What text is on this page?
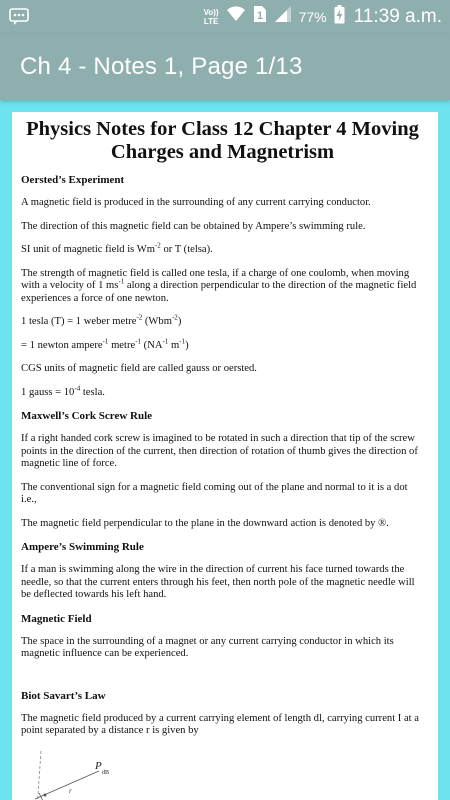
Vo))
LTE	1	77% 11:39 a.m.
Ch 4 - Notes 1, Page 1/13
Physics Notes for Class 12 Chapter 4 Moving
Charges and Magnetrism
Oersted’s Experiment
A magnetic field is produced in the surrounding of any current carrying conductor.
The direction of this magnetic field can be obtained by Ampere’s swimming rule.
SI unit of magnetic field is $Wm^{-2}$ or T (telsa).
The strength of magnetic field is called one tesla, if a charge of one coulomb, when moving with a velocity of 1 $ms^{-1}$ along a direction perpendicular to the direction of the magnetic field experiences a force of one newton.
1 tesla (T) = 1 weber metre$^{-2}$ (Wbm$^{-2}$)
= 1 newton ampere$^{-1}$ metre$^{-1}$ ($NA^{-1}$ $m^{-1}$)
CGS units of magnetic field are called gauss or oersted.
1 gauss = $10^{-4}$ tesla.
Maxwell’s Cork Screw Rule
If a right handed cork screw is imagined to be rotated in such a direction that tip of the screw points in the direction of the current, then direction of rotation of thumb gives the direction of magnetic line of force.
The conventional sign for a magnetic field coming out of the plane and normal to it is a dot i.e.,
The magnetic field perpendicular to the plane in the downward action is denoted by ®.
Ampere’s Swimming Rule
If a man is swimming along the wire in the direction of current his face turned towards the needle, so that the current enters through his feet, then north pole of the magnetic needle will be deflected towards his left hand.
Magnetic Field
The space in the surrounding of a magnet or any current carrying conductor in which its magnetic influence can be experienced.
Biot Savart’s Law
The magnetic field produced by a current carrying element of length dl, carrying current I at a point separated by a distance r is given by
P
dB
r
